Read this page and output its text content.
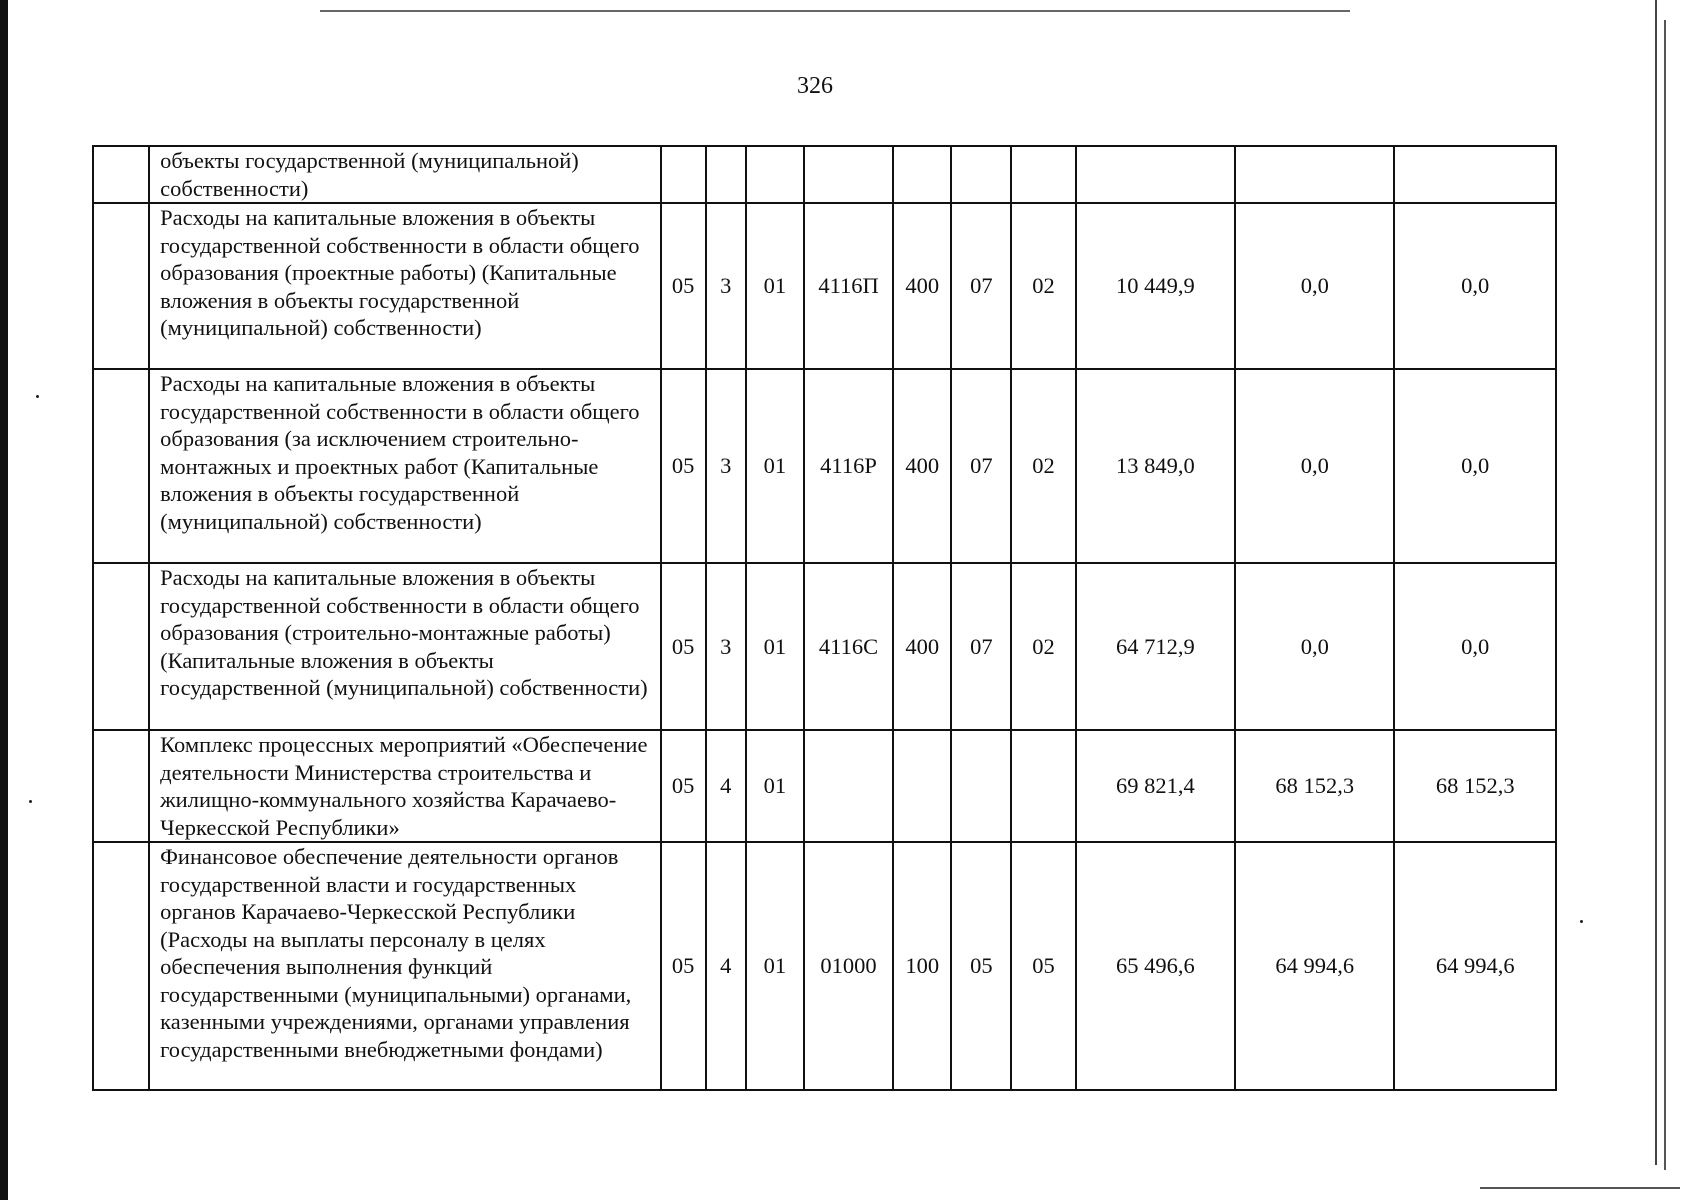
326
	объекты государственной (муниципальной) собственности)										
	Расходы на капитальные вложения в объекты государственной собственности в области общего образования (проектные работы) (Капитальные вложения в объекты государственной (муниципальной) собственности)	05	3	01	4116П	400	07	02	10 449,9	0,0	0,0
	Расходы на капитальные вложения в объекты государственной собственности в области общего образования (за исключением строительно-монтажных и проектных работ (Капитальные вложения в объекты государственной (муниципальной) собственности)	05	3	01	4116Р	400	07	02	13 849,0	0,0	0,0
	Расходы на капитальные вложения в объекты государственной собственности в области общего образования (строительно-монтажные работы) (Капитальные вложения в объекты государственной (муниципальной) собственности)	05	3	01	4116С	400	07	02	64 712,9	0,0	0,0
	Комплекс процессных мероприятий «Обеспечение деятельности Министерства строительства и жилищно-коммунального хозяйства Карачаево-Черкесской Республики»	05	4	01					69 821,4	68 152,3	68 152,3
	Финансовое обеспечение деятельности органов государственной власти и государственных органов Карачаево-Черкесской Республики (Расходы на выплаты персоналу в целях обеспечения выполнения функций государственными (муниципальными) органами, казенными учреждениями, органами управления государственными внебюджетными фондами)	05	4	01	01000	100	05	05	65 496,6	64 994,6	64 994,6
